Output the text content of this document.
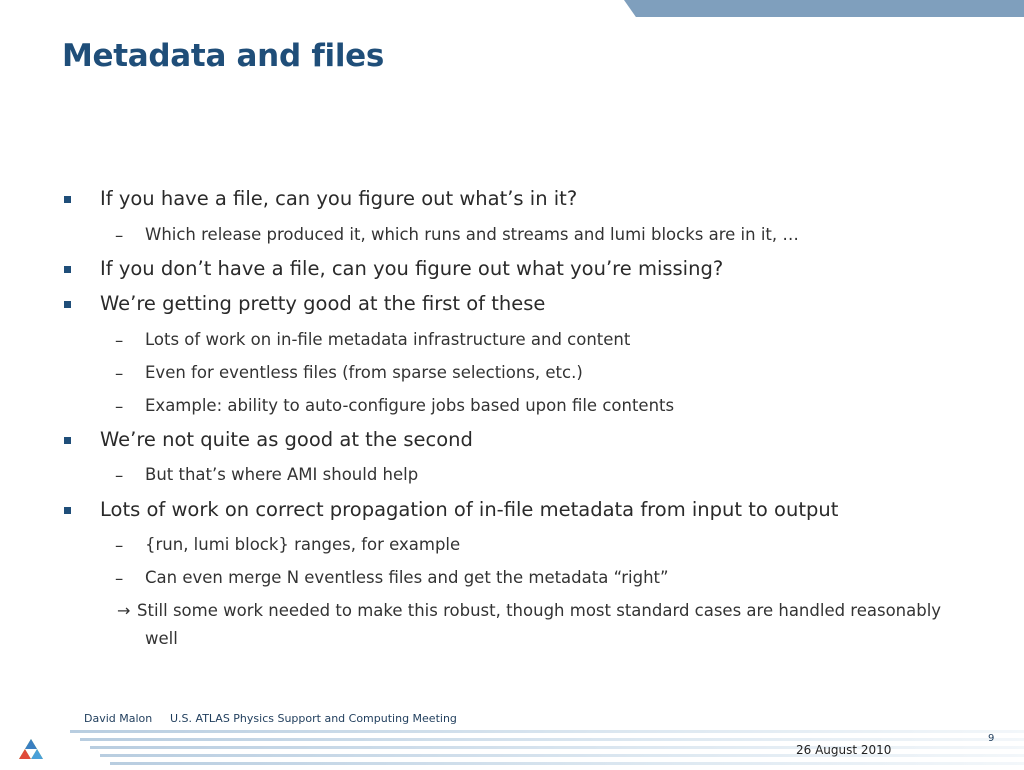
Metadata and files
If you have a file, can you figure out what’s in it?
– Which release produced it, which runs and streams and lumi blocks are in it, …
If you don’t have a file, can you figure out what you’re missing?
We’re getting pretty good at the first of these
– Lots of work on in-file metadata infrastructure and content
– Even for eventless files (from sparse selections, etc.)
– Example: ability to auto-configure jobs based upon file contents
We’re not quite as good at the second
– But that’s where AMI should help
Lots of work on correct propagation of in-file metadata from input to output
– {run, lumi block} ranges, for example
– Can even merge N eventless files and get the metadata “right”
→ Still some work needed to make this robust, though most standard cases are handled reasonably well
David Malon U.S. ATLAS Physics Support and Computing Meeting
9
26 August 2010
